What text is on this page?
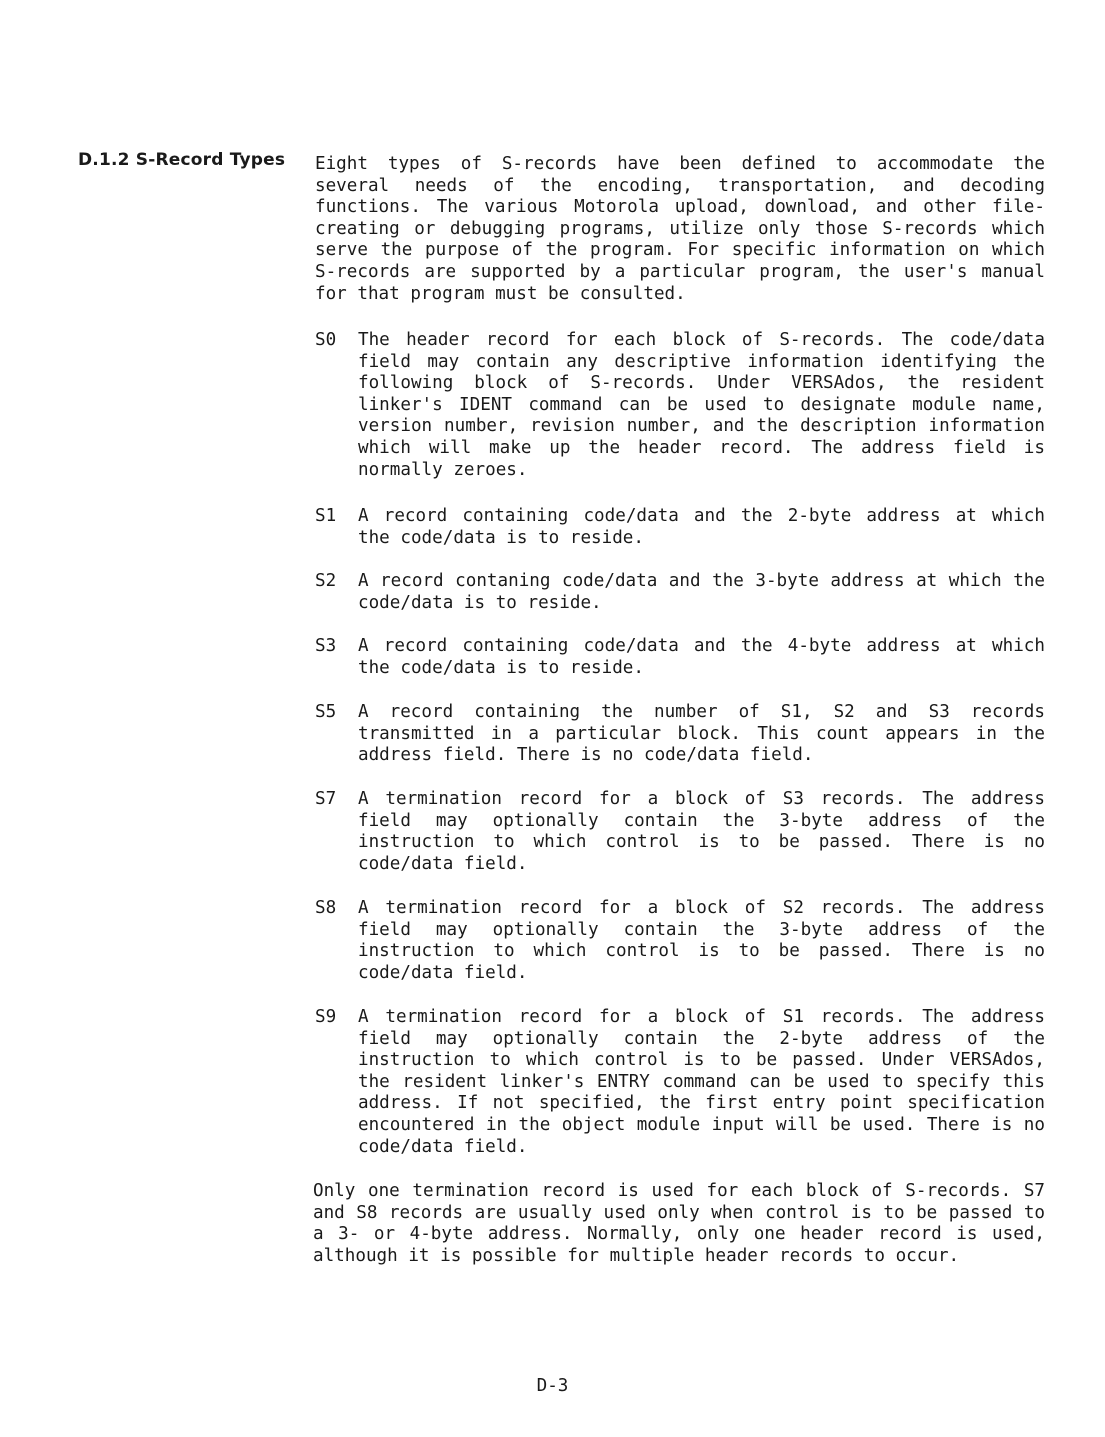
D.1.2 S-Record Types Eight types of S-records have been defined to accommodate the several needs of the encoding, transportation, and decoding functions. The various Motorola upload, download, and other file-creating or debugging programs, utilize only those S-records which serve the purpose of the program. For specific information on which S-records are supported by a particular program, the user's manual for that program must be consulted.
S0	The header record for each block of S-records. The code/data field may contain any descriptive information identifying the following block of S-records. Under VERSAdos, the resident linker's IDENT command can be used to designate module name, version number, revision number, and the description information which will make up the header record. The address field is normally zeroes.
S1	A record containing code/data and the 2-byte address at which the code/data is to reside.
S2	A record contaning code/data and the 3-byte address at which the code/data is to reside.
S3	A record containing code/data and the 4-byte address at which the code/data is to reside.
S5	A record containing the number of S1, S2 and S3 records transmitted in a particular block. This count appears in the address field. There is no code/data field.
S7	A termination record for a block of S3 records. The address field may optionally contain the 3-byte address of the instruction to which control is to be passed. There is no code/data field.
S8	A termination record for a block of S2 records. The address field may optionally contain the 3-byte address of the instruction to which control is to be passed. There is no code/data field.
S9	A termination record for a block of S1 records. The address field may optionally contain the 2-byte address of the instruction to which control is to be passed. Under VERSAdos, the resident linker's ENTRY command can be used to specify this address. If not specified, the first entry point specification encountered in the object module input will be used. There is no code/data field.
Only one termination record is used for each block of S-records. S7 and S8 records are usually used only when control is to be passed to a 3- or 4-byte address. Normally, only one header record is used, although it is possible for multiple header records to occur.
D-3
